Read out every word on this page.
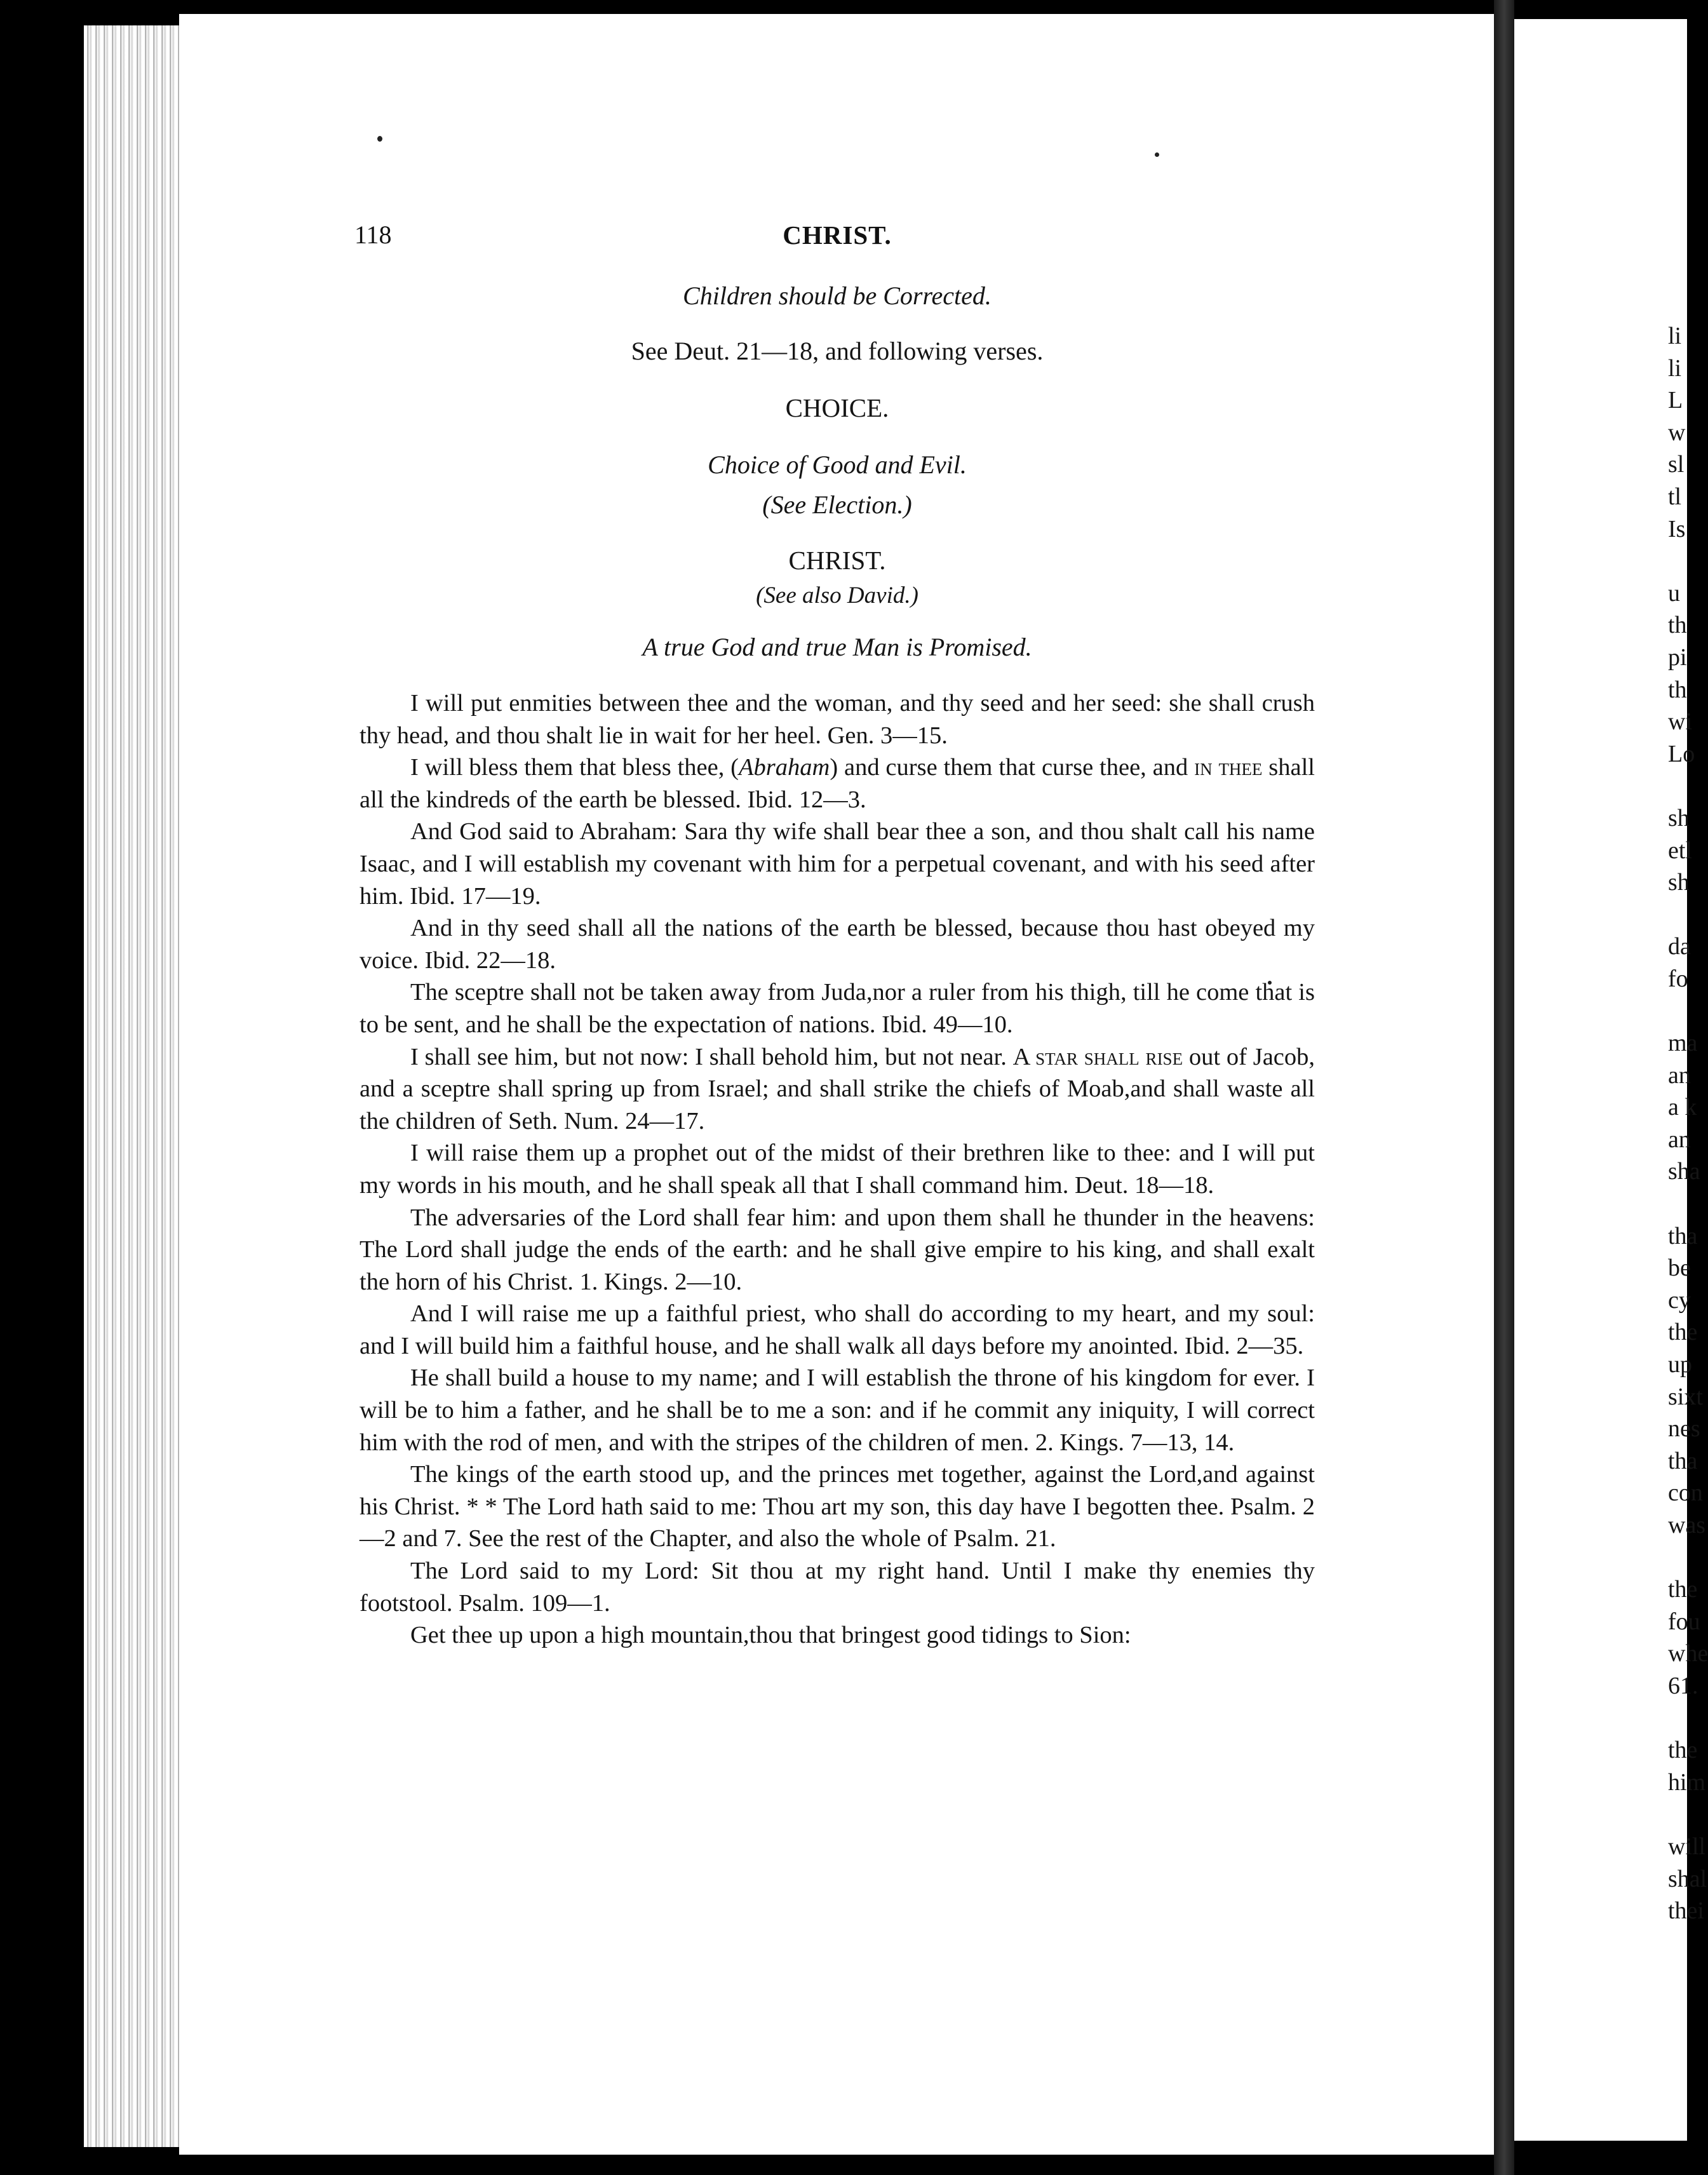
li
li
L
w
sl
tl
Is

u
th
pi
th
wi
Lo

sh
etl
sh

da
fo

ma
an
a k
an
sha

tha
be
cy
the
up
sixt
nes
tha
con
was

the
fou
whe
61.

the
him

will
shal
thei
118	CHRIST.

Children should be Corrected.

See Deut. 21—18, and following verses.

CHOICE.

Choice of Good and Evil.

(See Election.)

CHRIST.

(See also David.)

A true God and true Man is Promised.

I will put enmities between thee and the woman, and thy seed and her seed: she shall crush thy head, and thou shalt lie in wait for her heel. Gen. 3—15.

I will bless them that bless thee, (Abraham) and curse them that curse thee, and in thee shall all the kindreds of the earth be blessed. Ibid. 12—3.

And God said to Abraham: Sara thy wife shall bear thee a son, and thou shalt call his name Isaac, and I will establish my covenant with him for a perpetual covenant, and with his seed after him. Ibid. 17—19.

And in thy seed shall all the nations of the earth be blessed, because thou hast obeyed my voice. Ibid. 22—18.

The sceptre shall not be taken away from Juda,nor a ruler from his thigh, till he come that is to be sent, and he shall be the expectation of nations. Ibid. 49—10.

I shall see him, but not now: I shall behold him, but not near. A star shall rise out of Jacob, and a sceptre shall spring up from Israel; and shall strike the chiefs of Moab,and shall waste all the children of Seth. Num. 24—17.

I will raise them up a prophet out of the midst of their brethren like to thee: and I will put my words in his mouth, and he shall speak all that I shall command him. Deut. 18—18.

The adversaries of the Lord shall fear him: and upon them shall he thunder in the heavens: The Lord shall judge the ends of the earth: and he shall give empire to his king, and shall exalt the horn of his Christ. 1. Kings. 2—10.

And I will raise me up a faithful priest, who shall do according to my heart, and my soul: and I will build him a faithful house, and he shall walk all days before my anointed. Ibid. 2—35.

He shall build a house to my name; and I will establish the throne of his kingdom for ever. I will be to him a father, and he shall be to me a son: and if he commit any iniquity, I will correct him with the rod of men, and with the stripes of the children of men. 2. Kings. 7—13, 14.

The kings of the earth stood up, and the princes met together, against the Lord,and against his Christ. * * The Lord hath said to me: Thou art my son, this day have I begotten thee. Psalm. 2—2 and 7. See the rest of the Chapter, and also the whole of Psalm. 21.

The Lord said to my Lord: Sit thou at my right hand. Until I make thy enemies thy footstool. Psalm. 109—1.

Get thee up upon a high mountain,thou that bringest good tidings to Sion:
